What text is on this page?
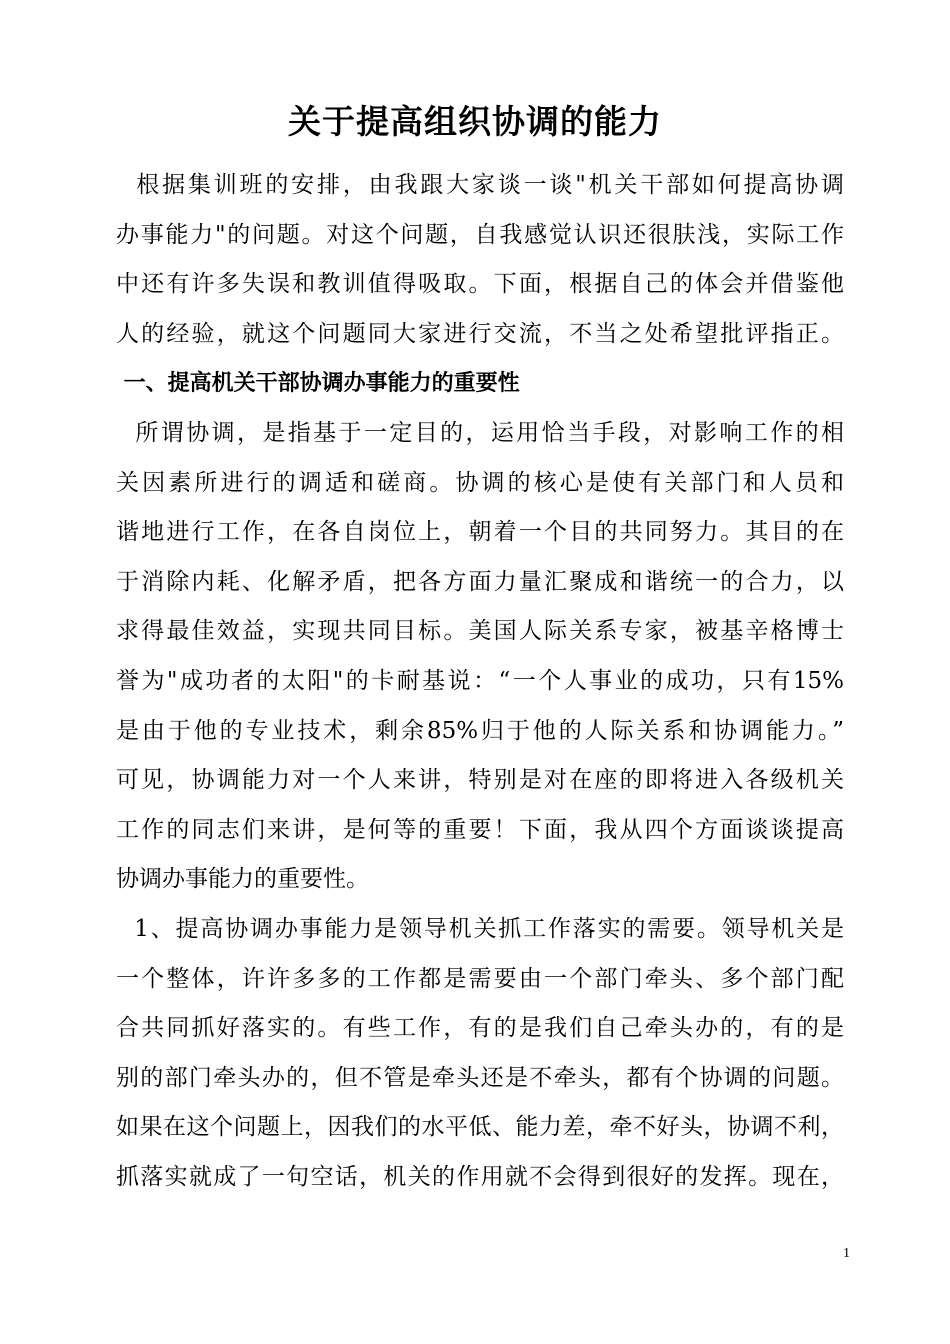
关于提高组织协调的能力

根据集训班的安排，由我跟大家谈一谈"机关干部如何提高协调

办事能力"的问题。对这个问题，自我感觉认识还很肤浅，实际工作

中还有许多失误和教训值得吸取。下面，根据自己的体会并借鉴他

人的经验，就这个问题同大家进行交流，不当之处希望批评指正。

一、提高机关干部协调办事能力的重要性

所谓协调，是指基于一定目的，运用恰当手段，对影响工作的相

关因素所进行的调适和磋商。协调的核心是使有关部门和人员和

谐地进行工作，在各自岗位上，朝着一个目的共同努力。其目的在

于消除内耗、化解矛盾，把各方面力量汇聚成和谐统一的合力，以

求得最佳效益，实现共同目标。美国人际关系专家，被基辛格博士

誉为"成功者的太阳"的卡耐基说：“一个人事业的成功，只有15%

是由于他的专业技术，剩余85%归于他的人际关系和协调能力。”

可见，协调能力对一个人来讲，特别是对在座的即将进入各级机关

工作的同志们来讲，是何等的重要！下面，我从四个方面谈谈提高

协调办事能力的重要性。

1、提高协调办事能力是领导机关抓工作落实的需要。领导机关是

一个整体，许许多多的工作都是需要由一个部门牵头、多个部门配

合共同抓好落实的。有些工作，有的是我们自己牵头办的，有的是

别的部门牵头办的，但不管是牵头还是不牵头，都有个协调的问题。

如果在这个问题上，因我们的水平低、能力差，牵不好头，协调不利，

抓落实就成了一句空话，机关的作用就不会得到很好的发挥。现在，

1
